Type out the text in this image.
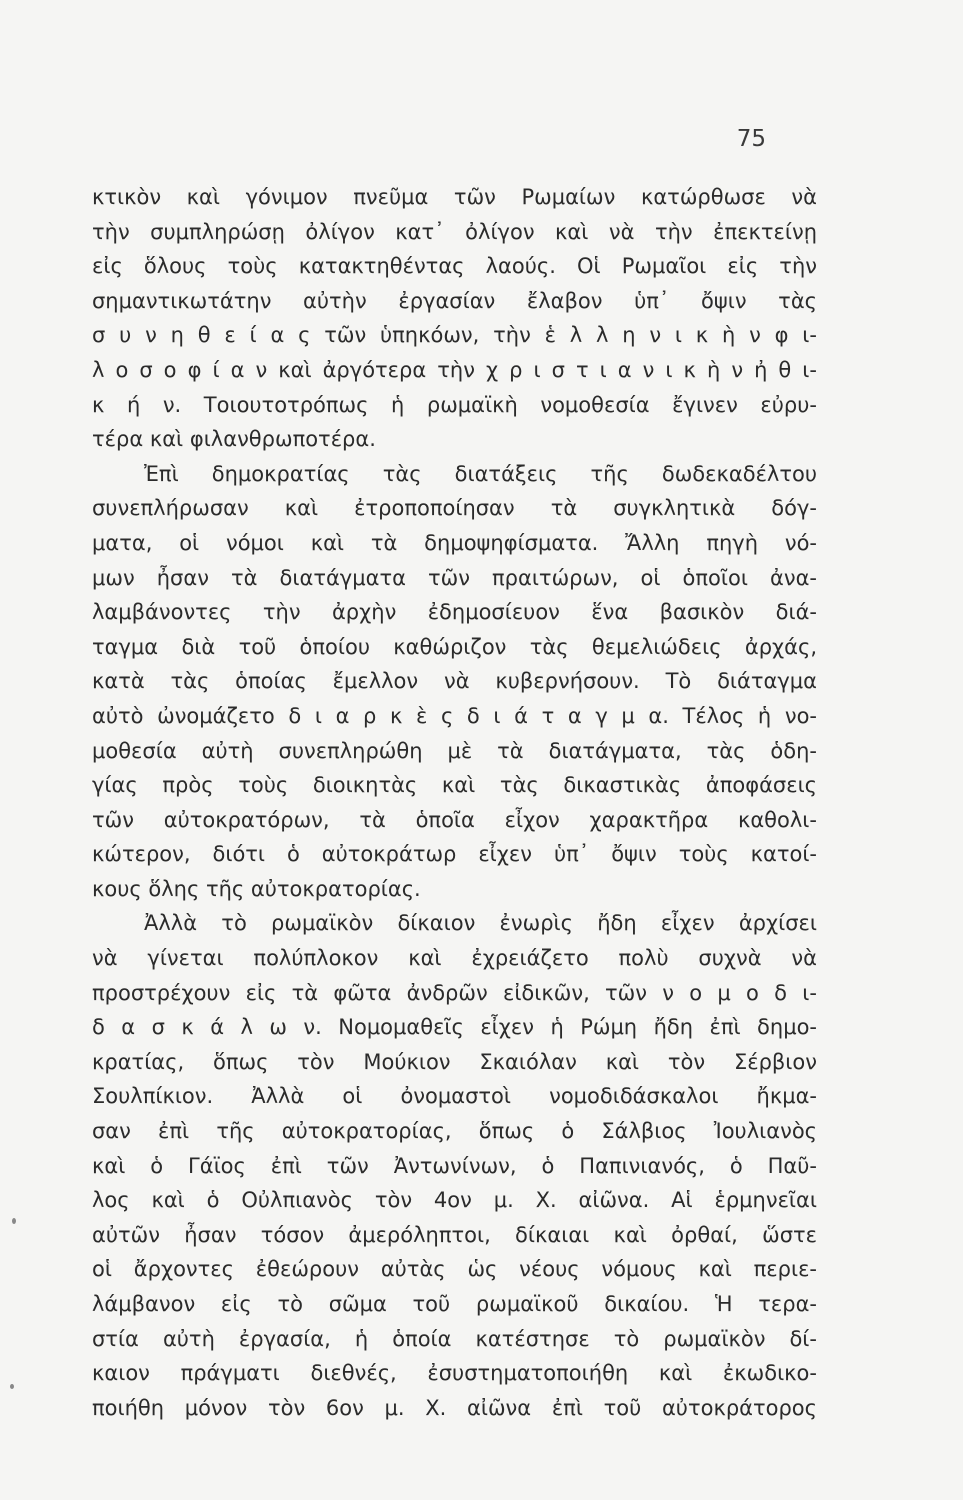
75
κτικὸν καὶ γόνιμον πνεῦμα τῶν Ρωμαίων κατώρθωσε νὰ
τὴν συμπληρώσῃ ὀλίγον κατ᾽ ὀλίγον καὶ νὰ τὴν ἐπεκτείνῃ
εἰς ὅλους τοὺς κατακτηθέντας λαούς. Οἱ Ρωμαῖοι εἰς τὴν
σημαντικωτάτην αὐτὴν ἐργασίαν ἔλαβον ὑπ᾽ ὄψιν τὰς
σ υ ν η θ ε ί α ς τῶν ὑπηκόων, τὴν ἑ λ λ η ν ι κ ὴ ν φ ι-
λ ο σ ο φ ί α ν καὶ ἀργότερα τὴν χ ρ ι σ τ ι α ν ι κ ὴ ν ἠ θ ι-
κ ή ν. Τοιουτοτρόπως ἡ ρωμαϊκὴ νομοθεσία ἔγινεν εὐρυ-
τέρα καὶ φιλανθρωποτέρα.
Ἐπὶ δημοκρατίας τὰς διατάξεις τῆς δωδεκαδέλτου
συνεπλήρωσαν καὶ ἐτροποποίησαν τὰ συγκλητικὰ δόγ-
ματα, οἱ νόμοι καὶ τὰ δημοψηφίσματα. Ἄλλη πηγὴ νό-
μων ἦσαν τὰ διατάγματα τῶν πραιτώρων, οἱ ὁποῖοι ἀνα-
λαμβάνοντες τὴν ἀρχὴν ἐδημοσίευον ἕνα βασικὸν διά-
ταγμα διὰ τοῦ ὁποίου καθώριζον τὰς θεμελιώδεις ἀρχάς,
κατὰ τὰς ὁποίας ἔμελλον νὰ κυβερνήσουν. Τὸ διάταγμα
αὐτὸ ὠνομάζετο δ ι α ρ κ ὲ ς δ ι ά τ α γ μ α. Τέλος ἡ νο-
μοθεσία αὐτὴ συνεπληρώθη μὲ τὰ διατάγματα, τὰς ὁδη-
γίας πρὸς τοὺς διοικητὰς καὶ τὰς δικαστικὰς ἀποφάσεις
τῶν αὐτοκρατόρων, τὰ ὁποῖα εἶχον χαρακτῆρα καθολι-
κώτερον, διότι ὁ αὐτοκράτωρ εἶχεν ὑπ᾽ ὄψιν τοὺς κατοί-
κους ὅλης τῆς αὐτοκρατορίας.
Ἀλλὰ τὸ ρωμαϊκὸν δίκαιον ἐνωρὶς ἤδη εἶχεν ἀρχίσει
νὰ γίνεται πολύπλοκον καὶ ἐχρειάζετο πολὺ συχνὰ νὰ
προστρέχουν εἰς τὰ φῶτα ἀνδρῶν εἰδικῶν, τῶν ν ο μ ο δ ι-
δ α σ κ ά λ ω ν. Νομομαθεῖς εἶχεν ἡ Ρώμη ἤδη ἐπὶ δημο-
κρατίας, ὅπως τὸν Μούκιον Σκαιόλαν καὶ τὸν Σέρβιον
Σουλπίκιον. Ἀλλὰ οἱ ὀνομαστοὶ νομοδιδάσκαλοι ἤκμα-
σαν ἐπὶ τῆς αὐτοκρατορίας, ὅπως ὁ Σάλβιος Ἰουλιανὸς
καὶ ὁ Γάϊος ἐπὶ τῶν Ἀντωνίνων, ὁ Παπινιανός, ὁ Παῦ-
λος καὶ ὁ Οὐλπιανὸς τὸν 4ον μ. Χ. αἰῶνα. Αἱ ἑρμηνεῖαι
αὐτῶν ἦσαν τόσον ἀμερόληπτοι, δίκαιαι καὶ ὀρθαί, ὥστε
οἱ ἄρχοντες ἐθεώρουν αὐτὰς ὡς νέους νόμους καὶ περιε-
λάμβανον εἰς τὸ σῶμα τοῦ ρωμαϊκοῦ δικαίου. Ἡ τερα-
στία αὐτὴ ἐργασία, ἡ ὁποία κατέστησε τὸ ρωμαϊκὸν δί-
καιον πράγματι διεθνές, ἐσυστηματοποιήθη καὶ ἐκωδικο-
ποιήθη μόνον τὸν 6ον μ. Χ. αἰῶνα ἐπὶ τοῦ αὐτοκράτορος
